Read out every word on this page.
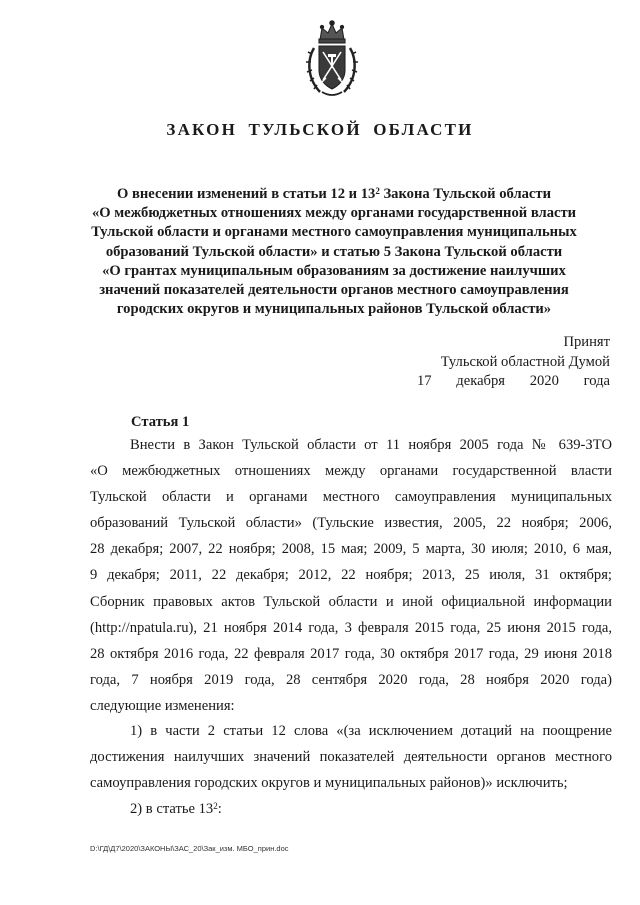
ЗАКОН ТУЛЬСКОЙ ОБЛАСТИ
О внесении изменений в статьи 12 и $13^2$ Закона Тульской области
«О межбюджетных отношениях между органами государственной власти
Тульской области и органами местного самоуправления муниципальных
образований Тульской области» и статью 5 Закона Тульской области
«О грантах муниципальным образованиям за достижение наилучших
значений показателей деятельности органов местного самоуправления
городских округов и муниципальных районов Тульской области»
Принят
Тульской областной Думой
17 декабря 2020 года
Статья 1
Внести в Закон Тульской области от 11 ноября 2005 года № 639-ЗТО
«О межбюджетных отношениях между органами государственной власти
Тульской области и органами местного самоуправления муниципальных
образований Тульской области» (Тульские известия, 2005, 22 ноября; 2006,
28 декабря; 2007, 22 ноября; 2008, 15 мая; 2009, 5 марта, 30 июля; 2010, 6 мая,
9 декабря; 2011, 22 декабря; 2012, 22 ноября; 2013, 25 июля, 31 октября;
Сборник правовых актов Тульской области и иной официальной информации
(http://npatula.ru), 21 ноября 2014 года, 3 февраля 2015 года, 25 июня 2015 года,
28 октября 2016 года, 22 февраля 2017 года, 30 октября 2017 года, 29 июня 2018
года, 7 ноября 2019 года, 28 сентября 2020 года, 28 ноября 2020 года)
следующие изменения:
1) в части 2 статьи 12 слова «(за исключением дотаций на поощрение
достижения наилучших значений показателей деятельности органов местного
самоуправления городских округов и муниципальных районов)» исключить;
2) в статье $13^2$:
D:\ГД\Д7\2020\ЗАКОНЫ\ЗАС_20\Зак_изм. МБО_прин.doc
